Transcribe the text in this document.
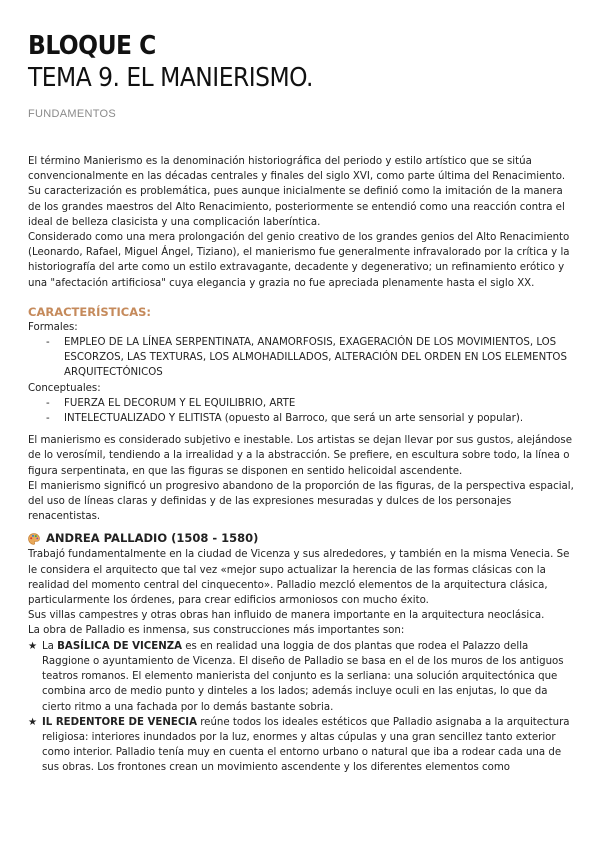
BLOQUE C
TEMA 9. EL MANIERISMO.
FUNDAMENTOS

El término Manierismo es la denominación historiográfica del periodo y estilo artístico que se sitúa convencionalmente en las décadas centrales y finales del siglo XVI, como parte última del Renacimiento.

Su caracterización es problemática, pues aunque inicialmente se definió como la imitación de la manera de los grandes maestros del Alto Renacimiento, posteriormente se entendió como una reacción contra el ideal de belleza clasicista y una complicación laberíntica.

Considerado como una mera prolongación del genio creativo de los grandes genios del Alto Renacimiento (Leonardo, Rafael, Miguel Ángel, Tiziano), el manierismo fue generalmente infravalorado por la crítica y la historiografía del arte como un estilo extravagante, decadente y degenerativo; un refinamiento erótico y una "afectación artificiosa" cuya elegancia y grazia no fue apreciada plenamente hasta el siglo XX.

CARACTERÍSTICAS:

Formales:

- EMPLEO DE LA LÍNEA SERPENTINATA, ANAMORFOSIS, EXAGERACIÓN DE LOS MOVIMIENTOS, LOS ESCORZOS, LAS TEXTURAS, LOS ALMOHADILLADOS, ALTERACIÓN DEL ORDEN EN LOS ELEMENTOS ARQUITECTÓNICOS

Conceptuales:

- FUERZA EL DECORUM Y EL EQUILIBRIO, ARTE
- INTELECTUALIZADO Y ELITISTA (opuesto al Barroco, que será un arte sensorial y popular).

El manierismo es considerado subjetivo e inestable. Los artistas se dejan llevar por sus gustos, alejándose de lo verosímil, tendiendo a la irrealidad y a la abstracción. Se prefiere, en escultura sobre todo, la línea o figura serpentinata, en que las figuras se disponen en sentido helicoidal ascendente.

El manierismo significó un progresivo abandono de la proporción de las figuras, de la perspectiva espacial, del uso de líneas claras y definidas y de las expresiones mesuradas y dulces de los personajes renacentistas.

ANDREA PALLADIO (1508 - 1580)

Trabajó fundamentalmente en la ciudad de Vicenza y sus alrededores, y también en la misma Venecia. Se le considera el arquitecto que tal vez «mejor supo actualizar la herencia de las formas clásicas con la realidad del momento central del cinquecento». Palladio mezcló elementos de la arquitectura clásica, particularmente los órdenes, para crear edificios armoniosos con mucho éxito.

Sus villas campestres y otras obras han influido de manera importante en la arquitectura neoclásica.

La obra de Palladio es inmensa, sus construcciones más importantes son:

★ La BASÍLICA DE VICENZA es en realidad una loggia de dos plantas que rodea el Palazzo della Raggione o ayuntamiento de Vicenza. El diseño de Palladio se basa en el de los muros de los antiguos teatros romanos. El elemento manierista del conjunto es la serliana: una solución arquitectónica que combina arco de medio punto y dinteles a los lados; además incluye oculi en las enjutas, lo que da cierto ritmo a una fachada por lo demás bastante sobria.
★ IL REDENTORE DE VENECIA reúne todos los ideales estéticos que Palladio asignaba a la arquitectura religiosa: interiores inundados por la luz, enormes y altas cúpulas y una gran sencillez tanto exterior como interior. Palladio tenía muy en cuenta el entorno urbano o natural que iba a rodear cada una de sus obras. Los frontones crean un movimiento ascendente y los diferentes elementos como
